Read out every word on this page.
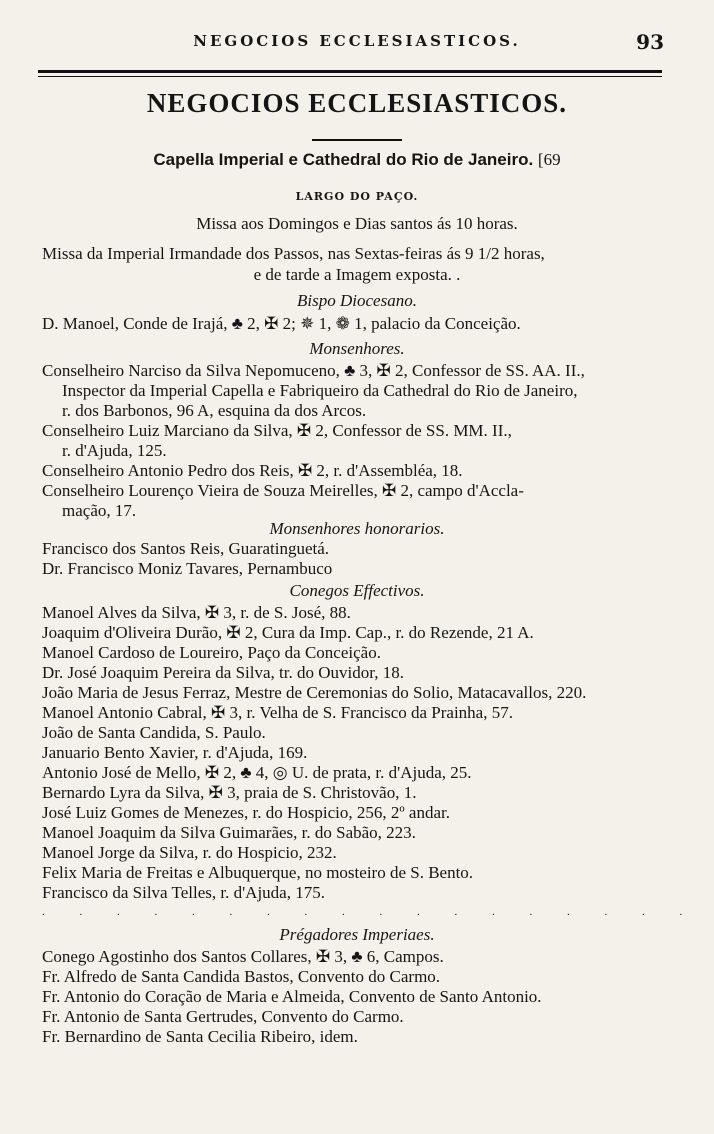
NEGOCIOS ECCLESIASTICOS.	93
NEGOCIOS ECCLESIASTICOS.
Capella Imperial e Cathedral do Rio de Janeiro. [69
LARGO DO PAÇO.
Missa aos Domingos e Dias santos ás 10 horas.
Missa da Imperial Irmandade dos Passos, nas Sextas-feiras ás 9 1/2 horas,
e de tarde a Imagem exposta. .
Bispo Diocesano.
D. Manoel, Conde de Irajá, ♣ 2, ✠ 2; ✵ 1, ❁ 1, palacio da Conceição.
Monsenhores.
Conselheiro Narciso da Silva Nepomuceno, ♣ 3, ✠ 2, Confessor de SS. AA. II.,
Inspector da Imperial Capella e Fabriqueiro da Cathedral do Rio de Janeiro,
r. dos Barbonos, 96 A, esquina da dos Arcos.
Conselheiro Luiz Marciano da Silva, ✠ 2, Confessor de SS. MM. II.,
r. d'Ajuda, 125.
Conselheiro Antonio Pedro dos Reis, ✠ 2, r. d'Assembléa, 18.
Conselheiro Lourenço Vieira de Souza Meirelles, ✠ 2, campo d'Accla-
mação, 17.
Monsenhores honorarios.
Francisco dos Santos Reis, Guaratinguetá.
Dr. Francisco Moniz Tavares, Pernambuco
Conegos Effectivos.
Manoel Alves da Silva, ✠ 3, r. de S. José, 88.
Joaquim d'Oliveira Durão, ✠ 2, Cura da Imp. Cap., r. do Rezende, 21 A.
Manoel Cardoso de Loureiro, Paço da Conceição.
Dr. José Joaquim Pereira da Silva, tr. do Ouvidor, 18.
João Maria de Jesus Ferraz, Mestre de Ceremonias do Solio, Matacavallos, 220.
Manoel Antonio Cabral, ✠ 3, r. Velha de S. Francisco da Prainha, 57.
João de Santa Candida, S. Paulo.
Januario Bento Xavier, r. d'Ajuda, 169.
Antonio José de Mello, ✠ 2, ♣ 4, ◎ U. de prata, r. d'Ajuda, 25.
Bernardo Lyra da Silva, ✠ 3, praia de S. Christovão, 1.
José Luiz Gomes de Menezes, r. do Hospicio, 256, 2º andar.
Manoel Joaquim da Silva Guimarães, r. do Sabão, 223.
Manoel Jorge da Silva, r. do Hospicio, 232.
Felix Maria de Freitas e Albuquerque, no mosteiro de S. Bento.
Francisco da Silva Telles, r. d'Ajuda, 175.
. . . . . . . . . . . . . . . . . .
Prégadores Imperiaes.
Conego Agostinho dos Santos Collares, ✠ 3, ♣ 6, Campos.
Fr. Alfredo de Santa Candida Bastos, Convento do Carmo.
Fr. Antonio do Coração de Maria e Almeida, Convento de Santo Antonio.
Fr. Antonio de Santa Gertrudes, Convento do Carmo.
Fr. Bernardino de Santa Cecilia Ribeiro, idem.
